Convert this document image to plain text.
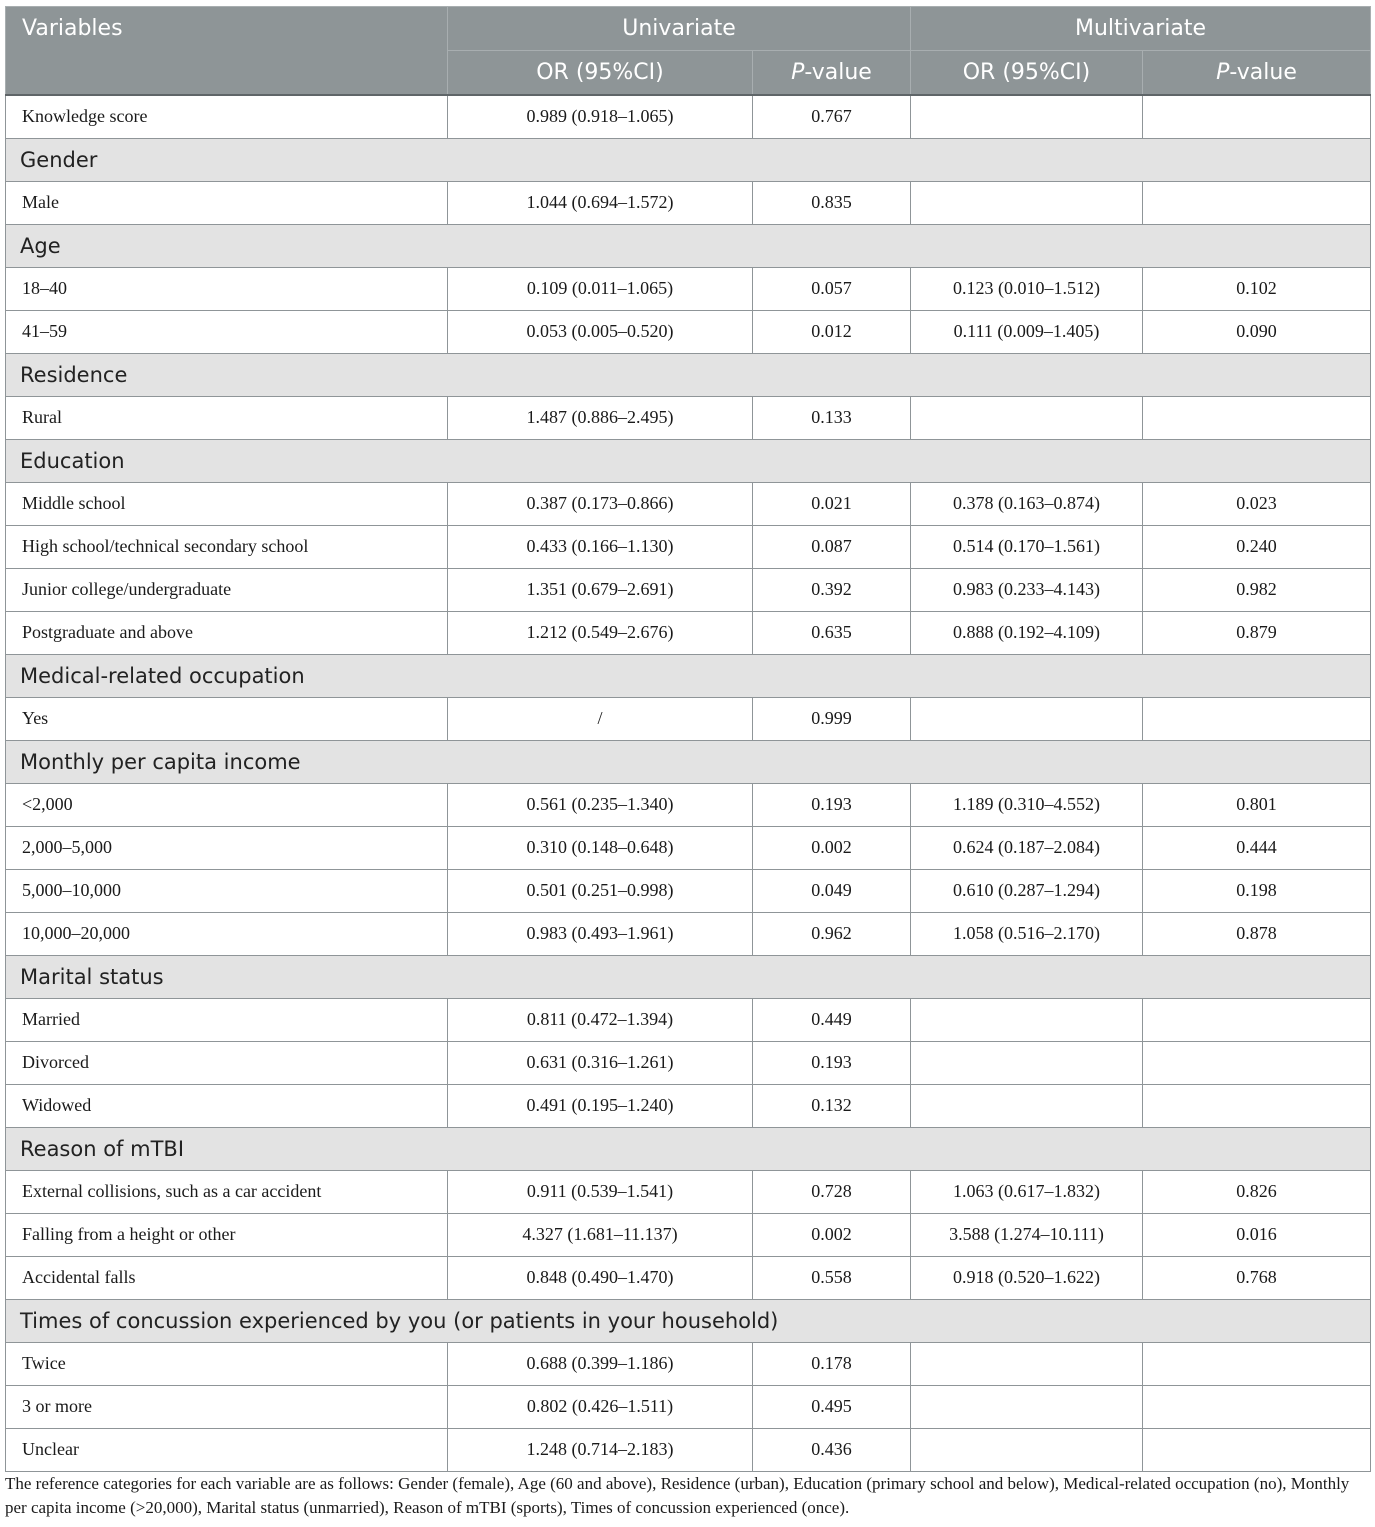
Variables	Univariate		Multivariate	
	OR (95%CI)	P-value	OR (95%CI)	P-value
Knowledge score	0.989 (0.918–1.065)	0.767		
Gender				
Male	1.044 (0.694–1.572)	0.835		
Age				
18–40	0.109 (0.011–1.065)	0.057	0.123 (0.010–1.512)	0.102
41–59	0.053 (0.005–0.520)	0.012	0.111 (0.009–1.405)	0.090
Residence				
Rural	1.487 (0.886–2.495)	0.133		
Education				
Middle school	0.387 (0.173–0.866)	0.021	0.378 (0.163–0.874)	0.023
High school/technical secondary school	0.433 (0.166–1.130)	0.087	0.514 (0.170–1.561)	0.240
Junior college/undergraduate	1.351 (0.679–2.691)	0.392	0.983 (0.233–4.143)	0.982
Postgraduate and above	1.212 (0.549–2.676)	0.635	0.888 (0.192–4.109)	0.879
Medical-related occupation				
Yes	/	0.999		
Monthly per capita income				
<2,000	0.561 (0.235–1.340)	0.193	1.189 (0.310–4.552)	0.801
2,000–5,000	0.310 (0.148–0.648)	0.002	0.624 (0.187–2.084)	0.444
5,000–10,000	0.501 (0.251–0.998)	0.049	0.610 (0.287–1.294)	0.198
10,000–20,000	0.983 (0.493–1.961)	0.962	1.058 (0.516–2.170)	0.878
Marital status				
Married	0.811 (0.472–1.394)	0.449		
Divorced	0.631 (0.316–1.261)	0.193		
Widowed	0.491 (0.195–1.240)	0.132		
Reason of mTBI				
External collisions, such as a car accident	0.911 (0.539–1.541)	0.728	1.063 (0.617–1.832)	0.826
Falling from a height or other	4.327 (1.681–11.137)	0.002	3.588 (1.274–10.111)	0.016
Accidental falls	0.848 (0.490–1.470)	0.558	0.918 (0.520–1.622)	0.768
Times of concussion experienced by you (or patients in your household)				
Twice	0.688 (0.399–1.186)	0.178		
3 or more	0.802 (0.426–1.511)	0.495		
Unclear	1.248 (0.714–2.183)	0.436		

The reference categories for each variable are as follows: Gender (female), Age (60 and above), Residence (urban), Education (primary school and below), Medical-related occupation (no), Monthly per capita income (>20,000), Marital status (unmarried), Reason of mTBI (sports), Times of concussion experienced (once).
